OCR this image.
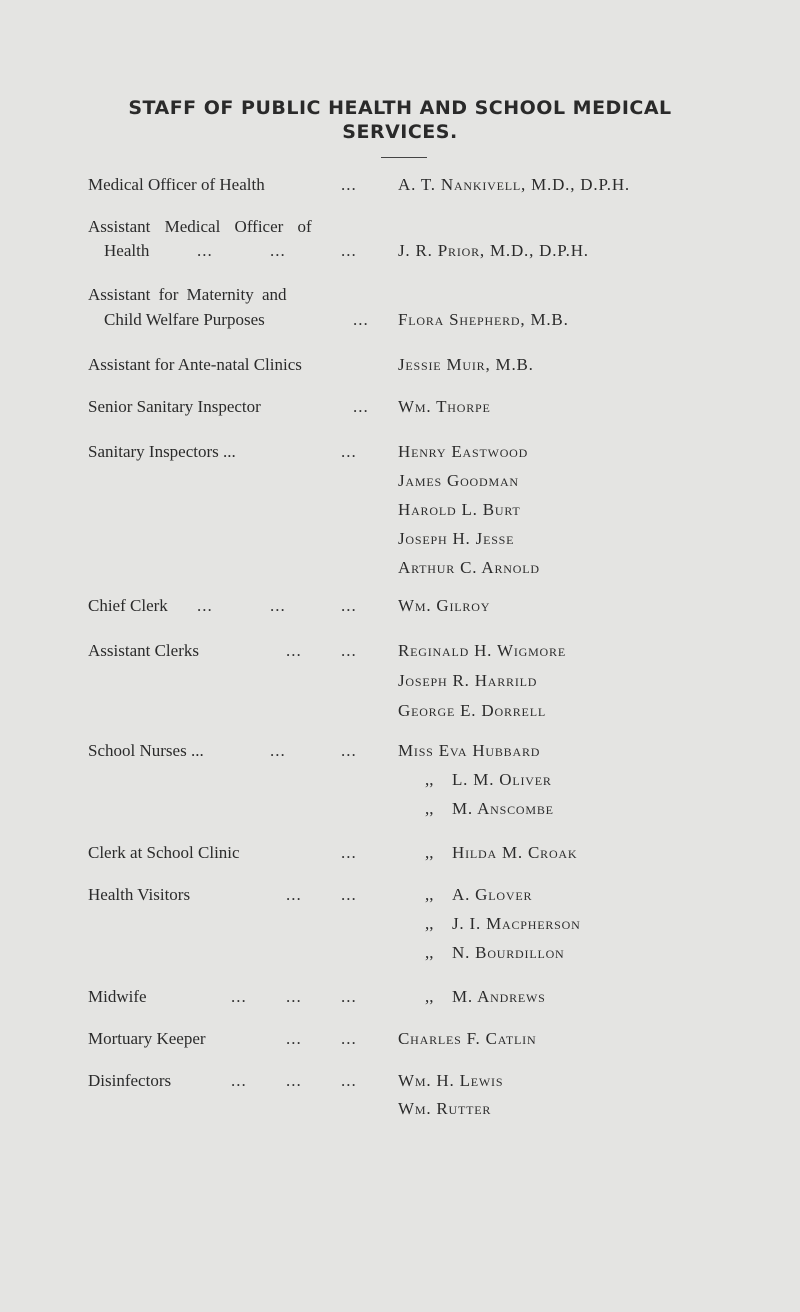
STAFF OF PUBLIC HEALTH AND SCHOOL MEDICAL
SERVICES.
Medical Officer of Health	... A. T. Nankivell, M.D., D.P.H.
Assistant Medical Officer of
Health	...	...	... J. R. Prior, M.D., D.P.H.
Assistant for Maternity and
Child Welfare Purposes	... Flora Shepherd, M.B.
Assistant for Ante-natal Clinics	Jessie Muir, M.B.
Senior Sanitary Inspector	... Wm. Thorpe
Sanitary Inspectors ...	... Henry Eastwood
James Goodman
Harold L. Burt
Joseph H. Jesse
Arthur C. Arnold
Chief Clerk ...	...	... Wm. Gilroy
Assistant Clerks	... ... Reginald H. Wigmore
Joseph R. Harrild
George E. Dorrell
School Nurses ...	...	... Miss Eva Hubbard
,, L. M. Oliver
,, M. Anscombe
Clerk at School Clinic	...	,, Hilda M. Croak
Health Visitors	... ...	,, A. Glover
,, J. I. Macpherson
,, N. Bourdillon
Midwife	... ... ...	,, M. Andrews
Mortuary Keeper	... ... Charles F. Catlin
Disinfectors	... ... ... Wm. H. Lewis
Wm. Rutter
